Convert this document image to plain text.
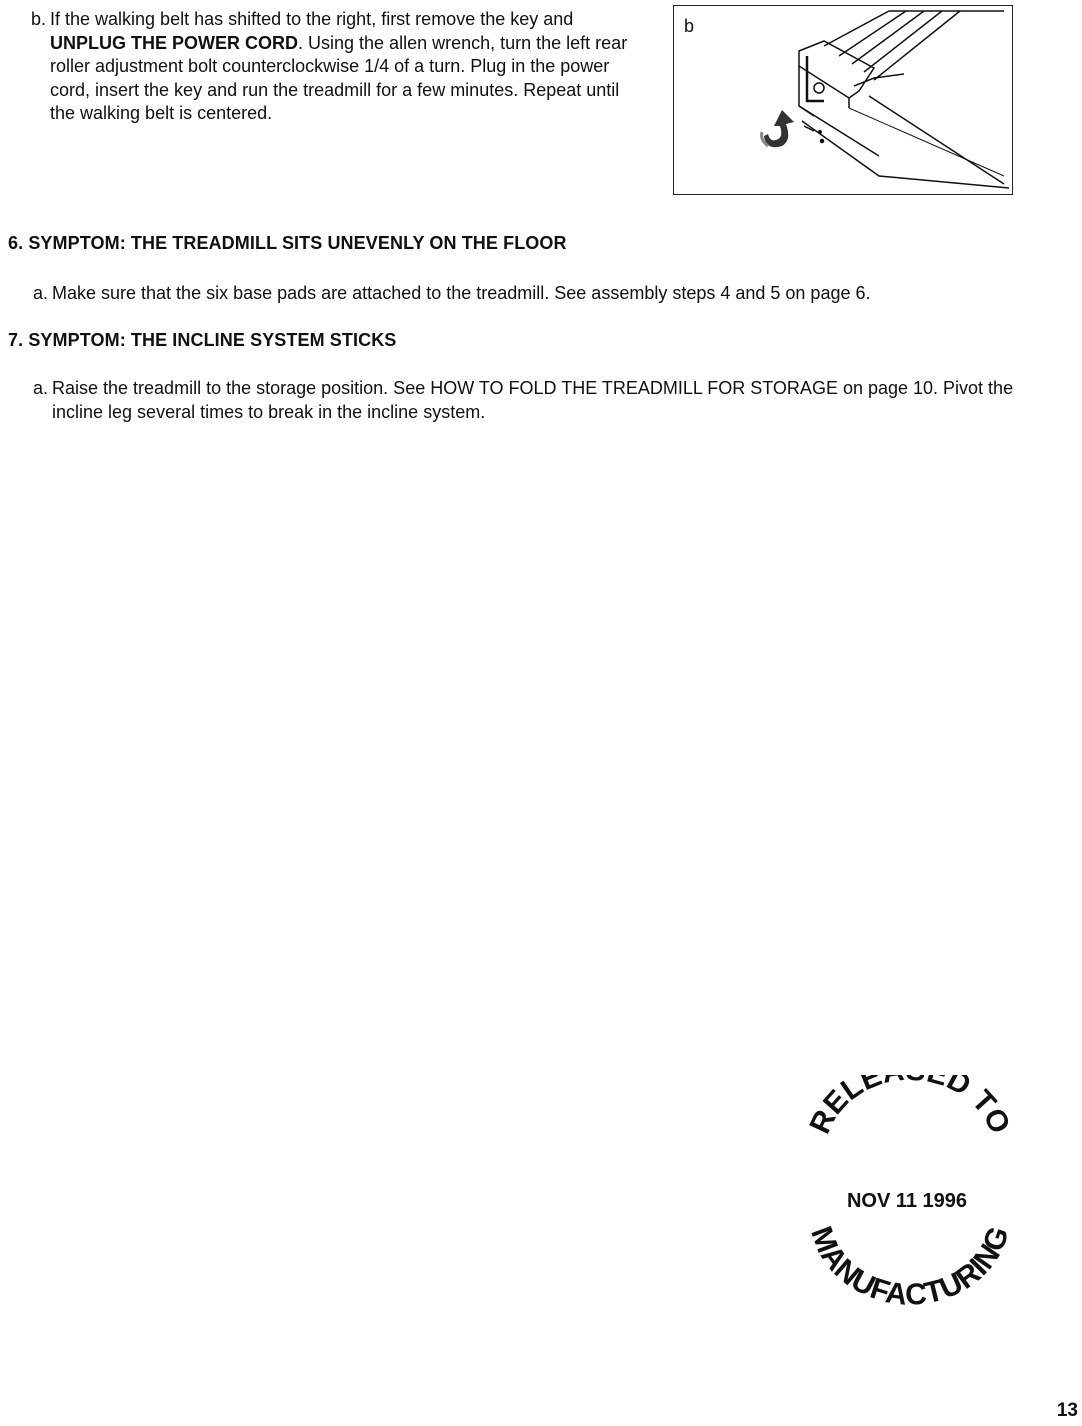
b. If the walking belt has shifted to the right, first remove the key and UNPLUG THE POWER CORD. Using the allen wrench, turn the left rear roller adjustment bolt counterclockwise 1/4 of a turn. Plug in the power cord, insert the key and run the treadmill for a few minutes. Repeat until the walking belt is centered.
b
6. SYMPTOM: THE TREADMILL SITS UNEVENLY ON THE FLOOR
a. Make sure that the six base pads are attached to the treadmill. See assembly steps 4 and 5 on page 6.
7. SYMPTOM: THE INCLINE SYSTEM STICKS
a. Raise the treadmill to the storage position. See HOW TO FOLD THE TREADMILL FOR STORAGE on page 10. Pivot the incline leg several times to break in the incline system.
RELE D TO
NOV 11 1996
MANUFACTURING
13
